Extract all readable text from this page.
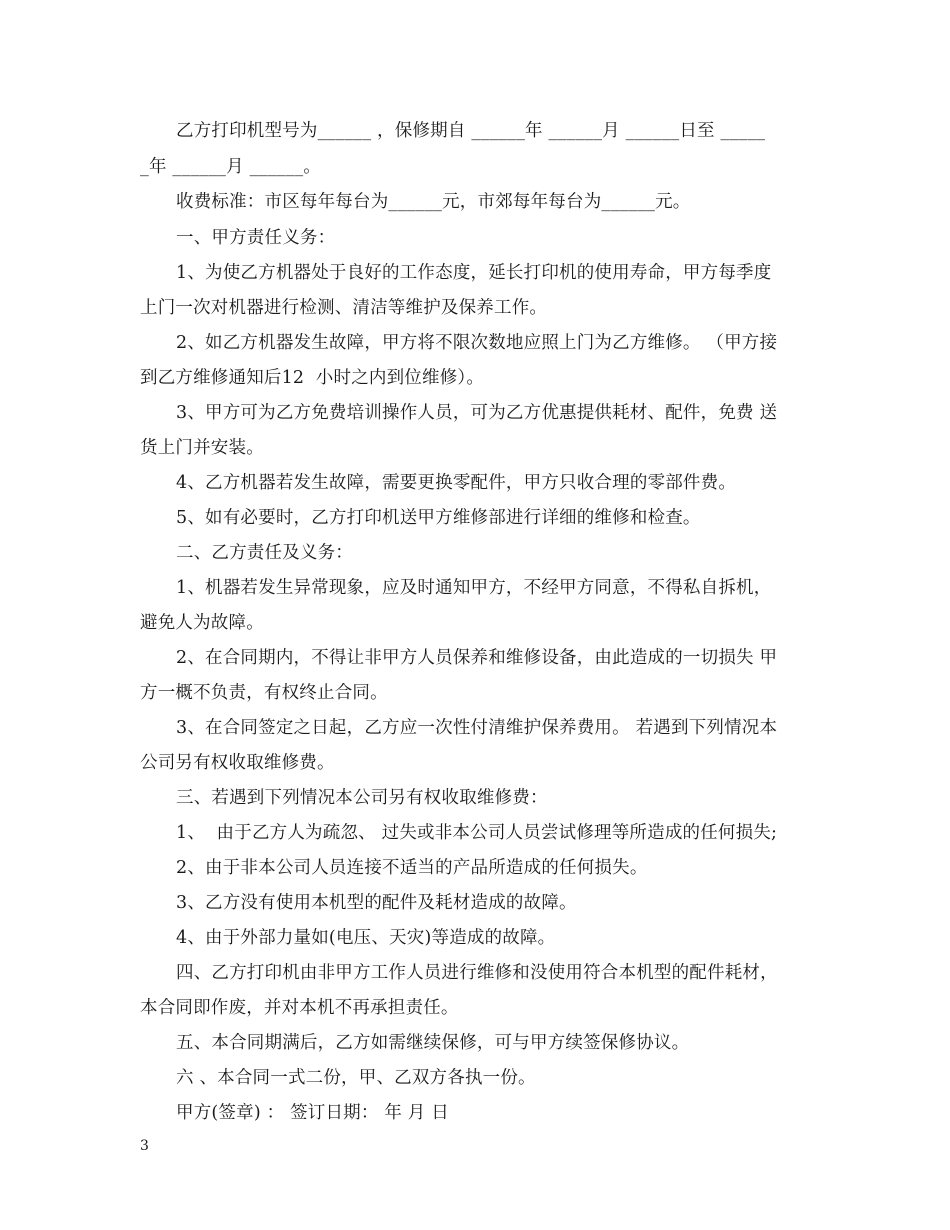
乙方打印机型号为______ ，保修期自 ______年 ______月 ______日至 _____
_年 ______月 ______。
收费标准：市区每年每台为______元，市郊每年每台为______元。
一、甲方责任义务：
1、为使乙方机器处于良好的工作态度，延长打印机的使用寿命，甲方每季度
上门一次对机器进行检测、清洁等维护及保养工作。
2、如乙方机器发生故障，甲方将不限次数地应照上门为乙方维修。 （甲方接
到乙方维修通知后12  小时之内到位维修）。
3、甲方可为乙方免费培训操作人员，可为乙方优惠提供耗材、配件，免费 送
货上门并安装。
4、乙方机器若发生故障，需要更换零配件，甲方只收合理的零部件费。
5、如有必要时，乙方打印机送甲方维修部进行详细的维修和检查。
二、乙方责任及义务：
1、机器若发生异常现象，应及时通知甲方，不经甲方同意，不得私自拆机，
避免人为故障。
2、在合同期内，不得让非甲方人员保养和维修设备，由此造成的一切损失 甲
方一概不负责，有权终止合同。
3、在合同签定之日起，乙方应一次性付清维护保养费用。 若遇到下列情况本
公司另有权收取维修费。
三、若遇到下列情况本公司另有权收取维修费：
1、  由于乙方人为疏忽、 过失或非本公司人员尝试修理等所造成的任何损失;
2、由于非本公司人员连接不适当的产品所造成的任何损失。
3、乙方没有使用本机型的配件及耗材造成的故障。
4、由于外部力量如(电压、天灾)等造成的故障。
四、乙方打印机由非甲方工作人员进行维修和没使用符合本机型的配件耗材，
本合同即作废，并对本机不再承担责任。
五、本合同期满后，乙方如需继续保修，可与甲方续签保修协议。
六 、本合同一式二份，甲、乙双方各执一份。
甲方(签章) ： 签订日期： 年 月 日
3
